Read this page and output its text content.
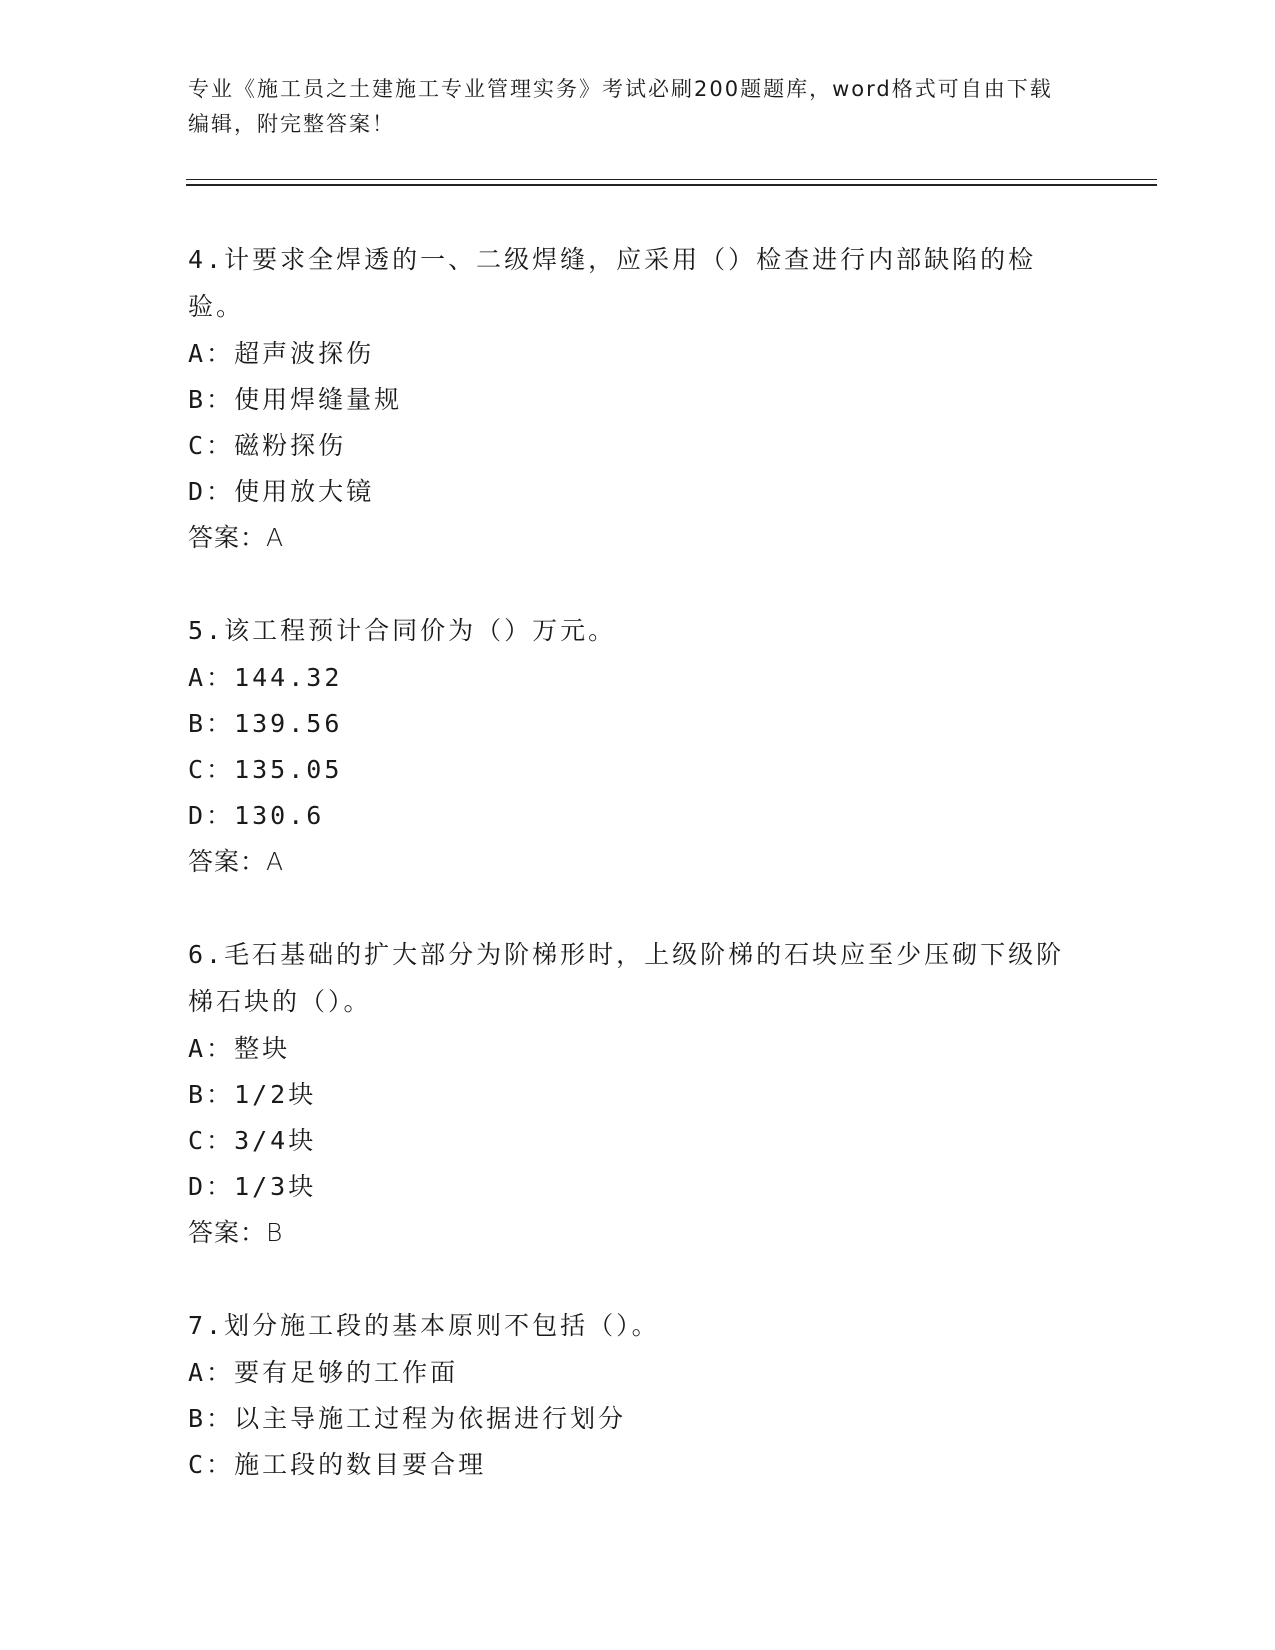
专业《施工员之土建施工专业管理实务》考试必刷200题题库，word格式可自由下载编辑，附完整答案！
4.计要求全焊透的一、二级焊缝，应采用（）检查进行内部缺陷的检验。
A：超声波探伤
B：使用焊缝量规
C：磁粉探伤
D：使用放大镜
答案：A
5.该工程预计合同价为（）万元。
A：144.32
B：139.56
C：135.05
D：130.6
答案：A
6.毛石基础的扩大部分为阶梯形时，上级阶梯的石块应至少压砌下级阶梯石块的（）。
A：整块
B：1/2块
C：3/4块
D：1/3块
答案：B
7.划分施工段的基本原则不包括（）。
A：要有足够的工作面
B：以主导施工过程为依据进行划分
C：施工段的数目要合理
